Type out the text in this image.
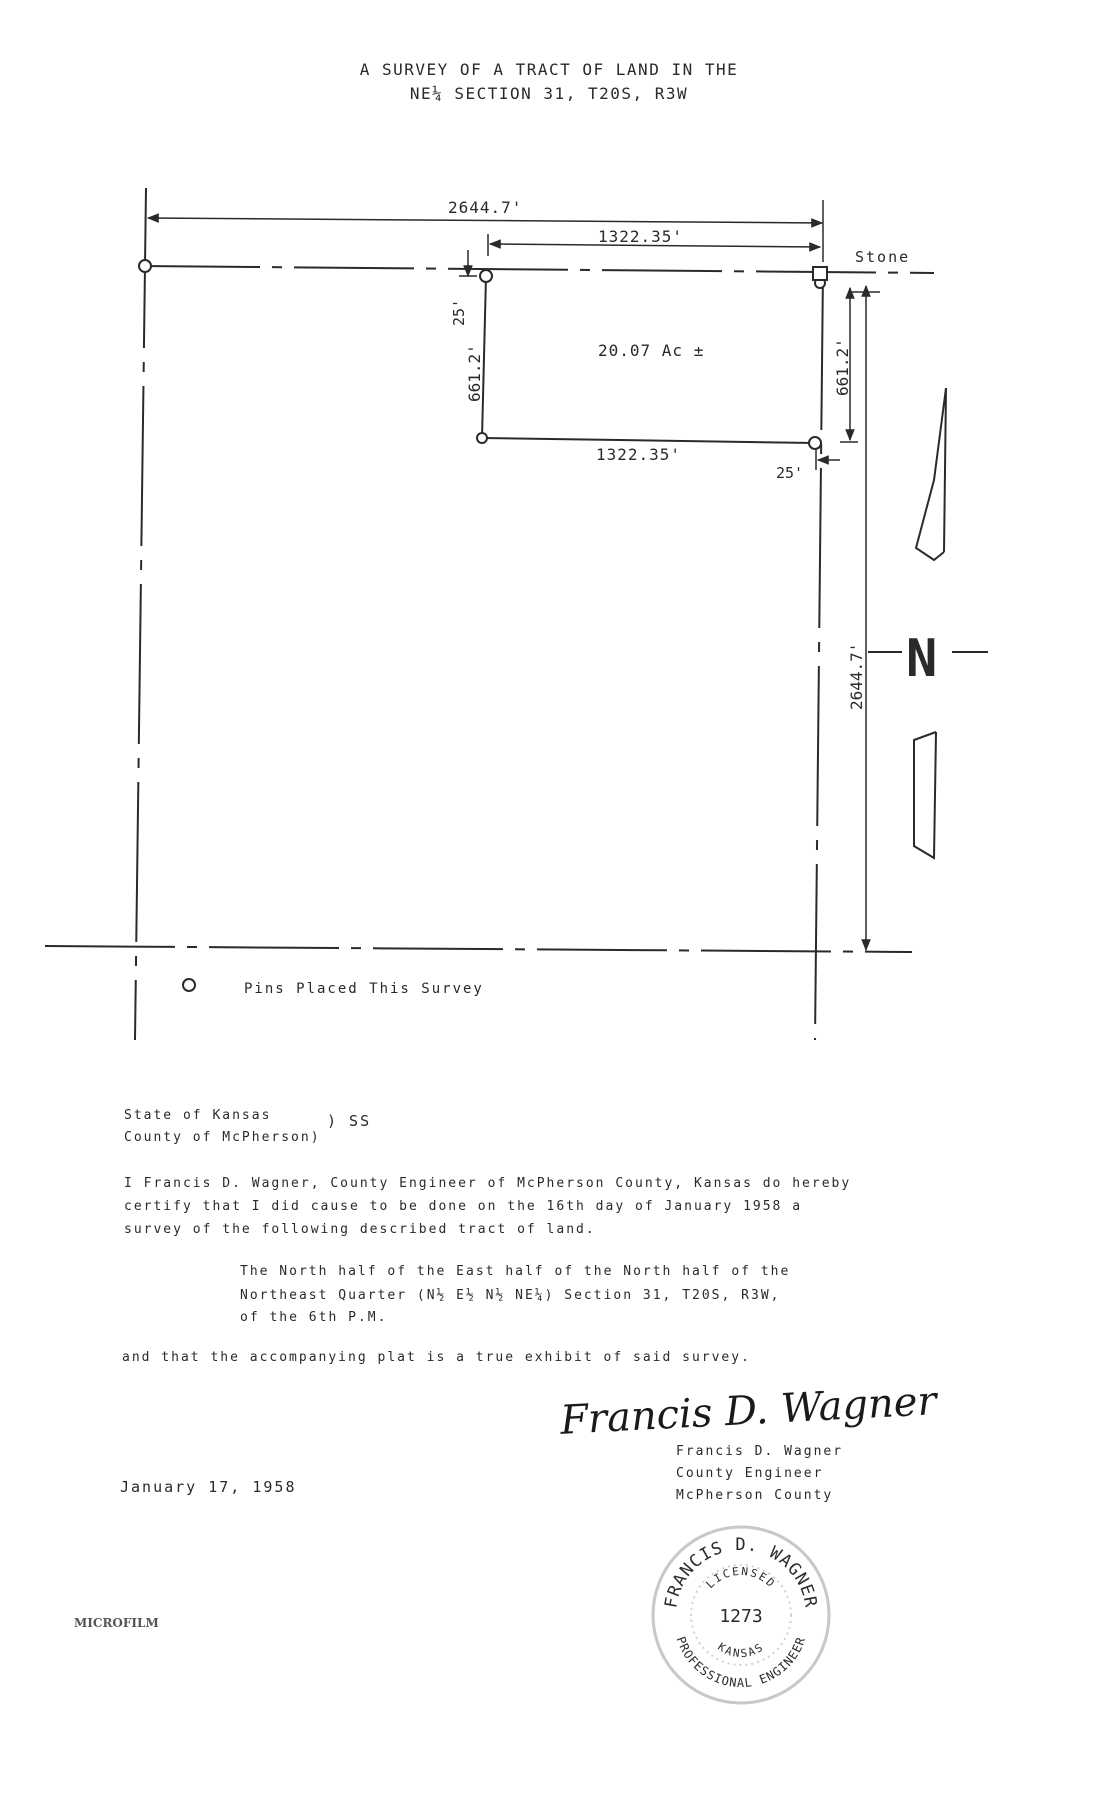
A SURVEY OF A TRACT OF LAND IN THE
NE¼ SECTION 31, T20S, R3W
2644.7'
1322.35'
Stone
25'
661.2'	20.07 Ac ±	661.2'
1322.35'
25'
2644.7' N
Pins Placed This Survey
State of Kansas	) SS
County of McPherson)
I Francis D. Wagner, County Engineer of McPherson County, Kansas do hereby
certify that I did cause to be done on the 16th day of January 1958 a
survey of the following described tract of land.
The North half of the East half of the North half of the
Northeast Quarter (N½ E½ N½ NE¼) Section 31, T20S, R3W,
of the 6th P.M.
and that the accompanying plat is a true exhibit of said survey.
Francis D. Wagner
Francis D. Wagner
County Engineer
McPherson County
January 17, 1958
FRANCIS D. WAGNER
PROFESSIONAL ENGINEER
LICENSED
KANSAS
1273
MICROFILM
